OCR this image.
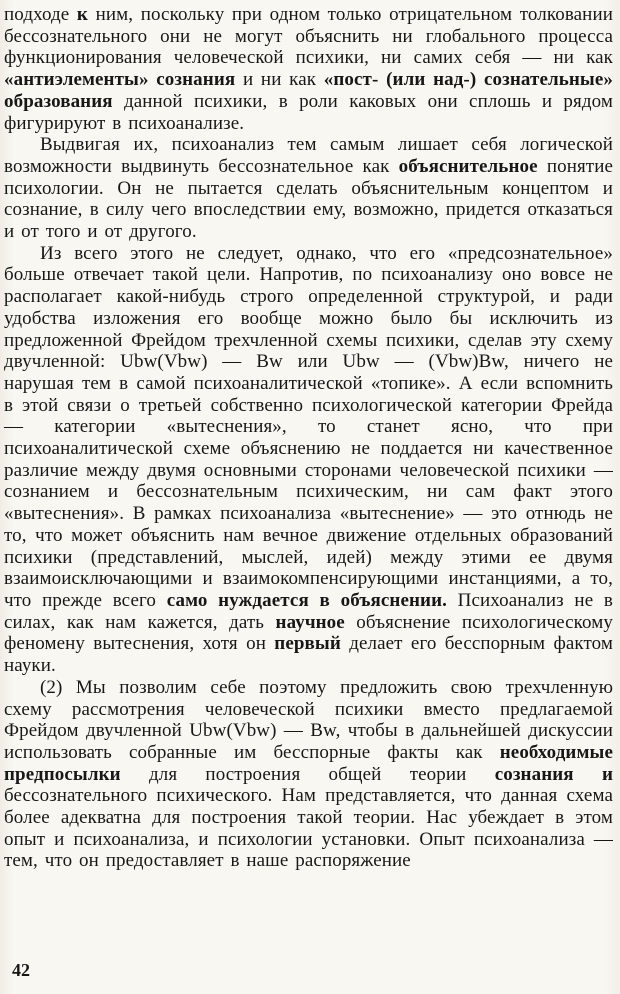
подходе к ним, поскольку при одном только отрицательном толковании бессознательного они не могут объяснить ни глобального процесса функционирования человеческой психики, ни самих себя — ни как «антиэлементы» сознания и ни как «пост- (или над-) сознательные» образования данной психики, в роли каковых они сплошь и рядом фигурируют в психоанализе.

Выдвигая их, психоанализ тем самым лишает себя логической возможности выдвинуть бессознательное как объяснительное понятие психологии. Он не пытается сделать объяснительным концептом и сознание, в силу чего впоследствии ему, возможно, придется отказаться и от того и от другого.

Из всего этого не следует, однако, что его «предсознательное» больше отвечает такой цели. Напротив, по психоанализу оно вовсе не располагает какой-нибудь строго определенной структурой, и ради удобства изложения его вообще можно было бы исключить из предложенной Фрейдом трехчленной схемы психики, сделав эту схему двучленной: Ubw(Vbw) — Bw или Ubw — (Vbw)Bw, ничего не нарушая тем в самой психоаналитической «топике». А если вспомнить в этой связи о третьей собственно психологической категории Фрейда — категории «вытеснения», то станет ясно, что при психоаналитической схеме объяснению не поддается ни качественное различие между двумя основными сторонами человеческой психики — сознанием и бессознательным психическим, ни сам факт этого «вытеснения». В рамках психоанализа «вытеснение» — это отнюдь не то, что может объяснить нам вечное движение отдельных образований психики (представлений, мыслей, идей) между этими ее двумя взаимоисключающими и взаимокомпенсирующими инстанциями, а то, что прежде всего само нуждается в объяснении. Психоанализ не в силах, как нам кажется, дать научное объяснение психологическому феномену вытеснения, хотя он первый делает его бесспорным фактом науки.

(2) Мы позволим себе поэтому предложить свою трехчленную схему рассмотрения человеческой психики вместо предлагаемой Фрейдом двучленной Ubw(Vbw) — Bw, чтобы в дальнейшей дискуссии использовать собранные им бесспорные факты как необходимые предпосылки для построения общей теории сознания и бессознательного психического. Нам представляется, что данная схема более адекватна для построения такой теории. Нас убеждает в этом опыт и психоанализа, и психологии установки. Опыт психоанализа — тем, что он предоставляет в наше распоряжение

42
